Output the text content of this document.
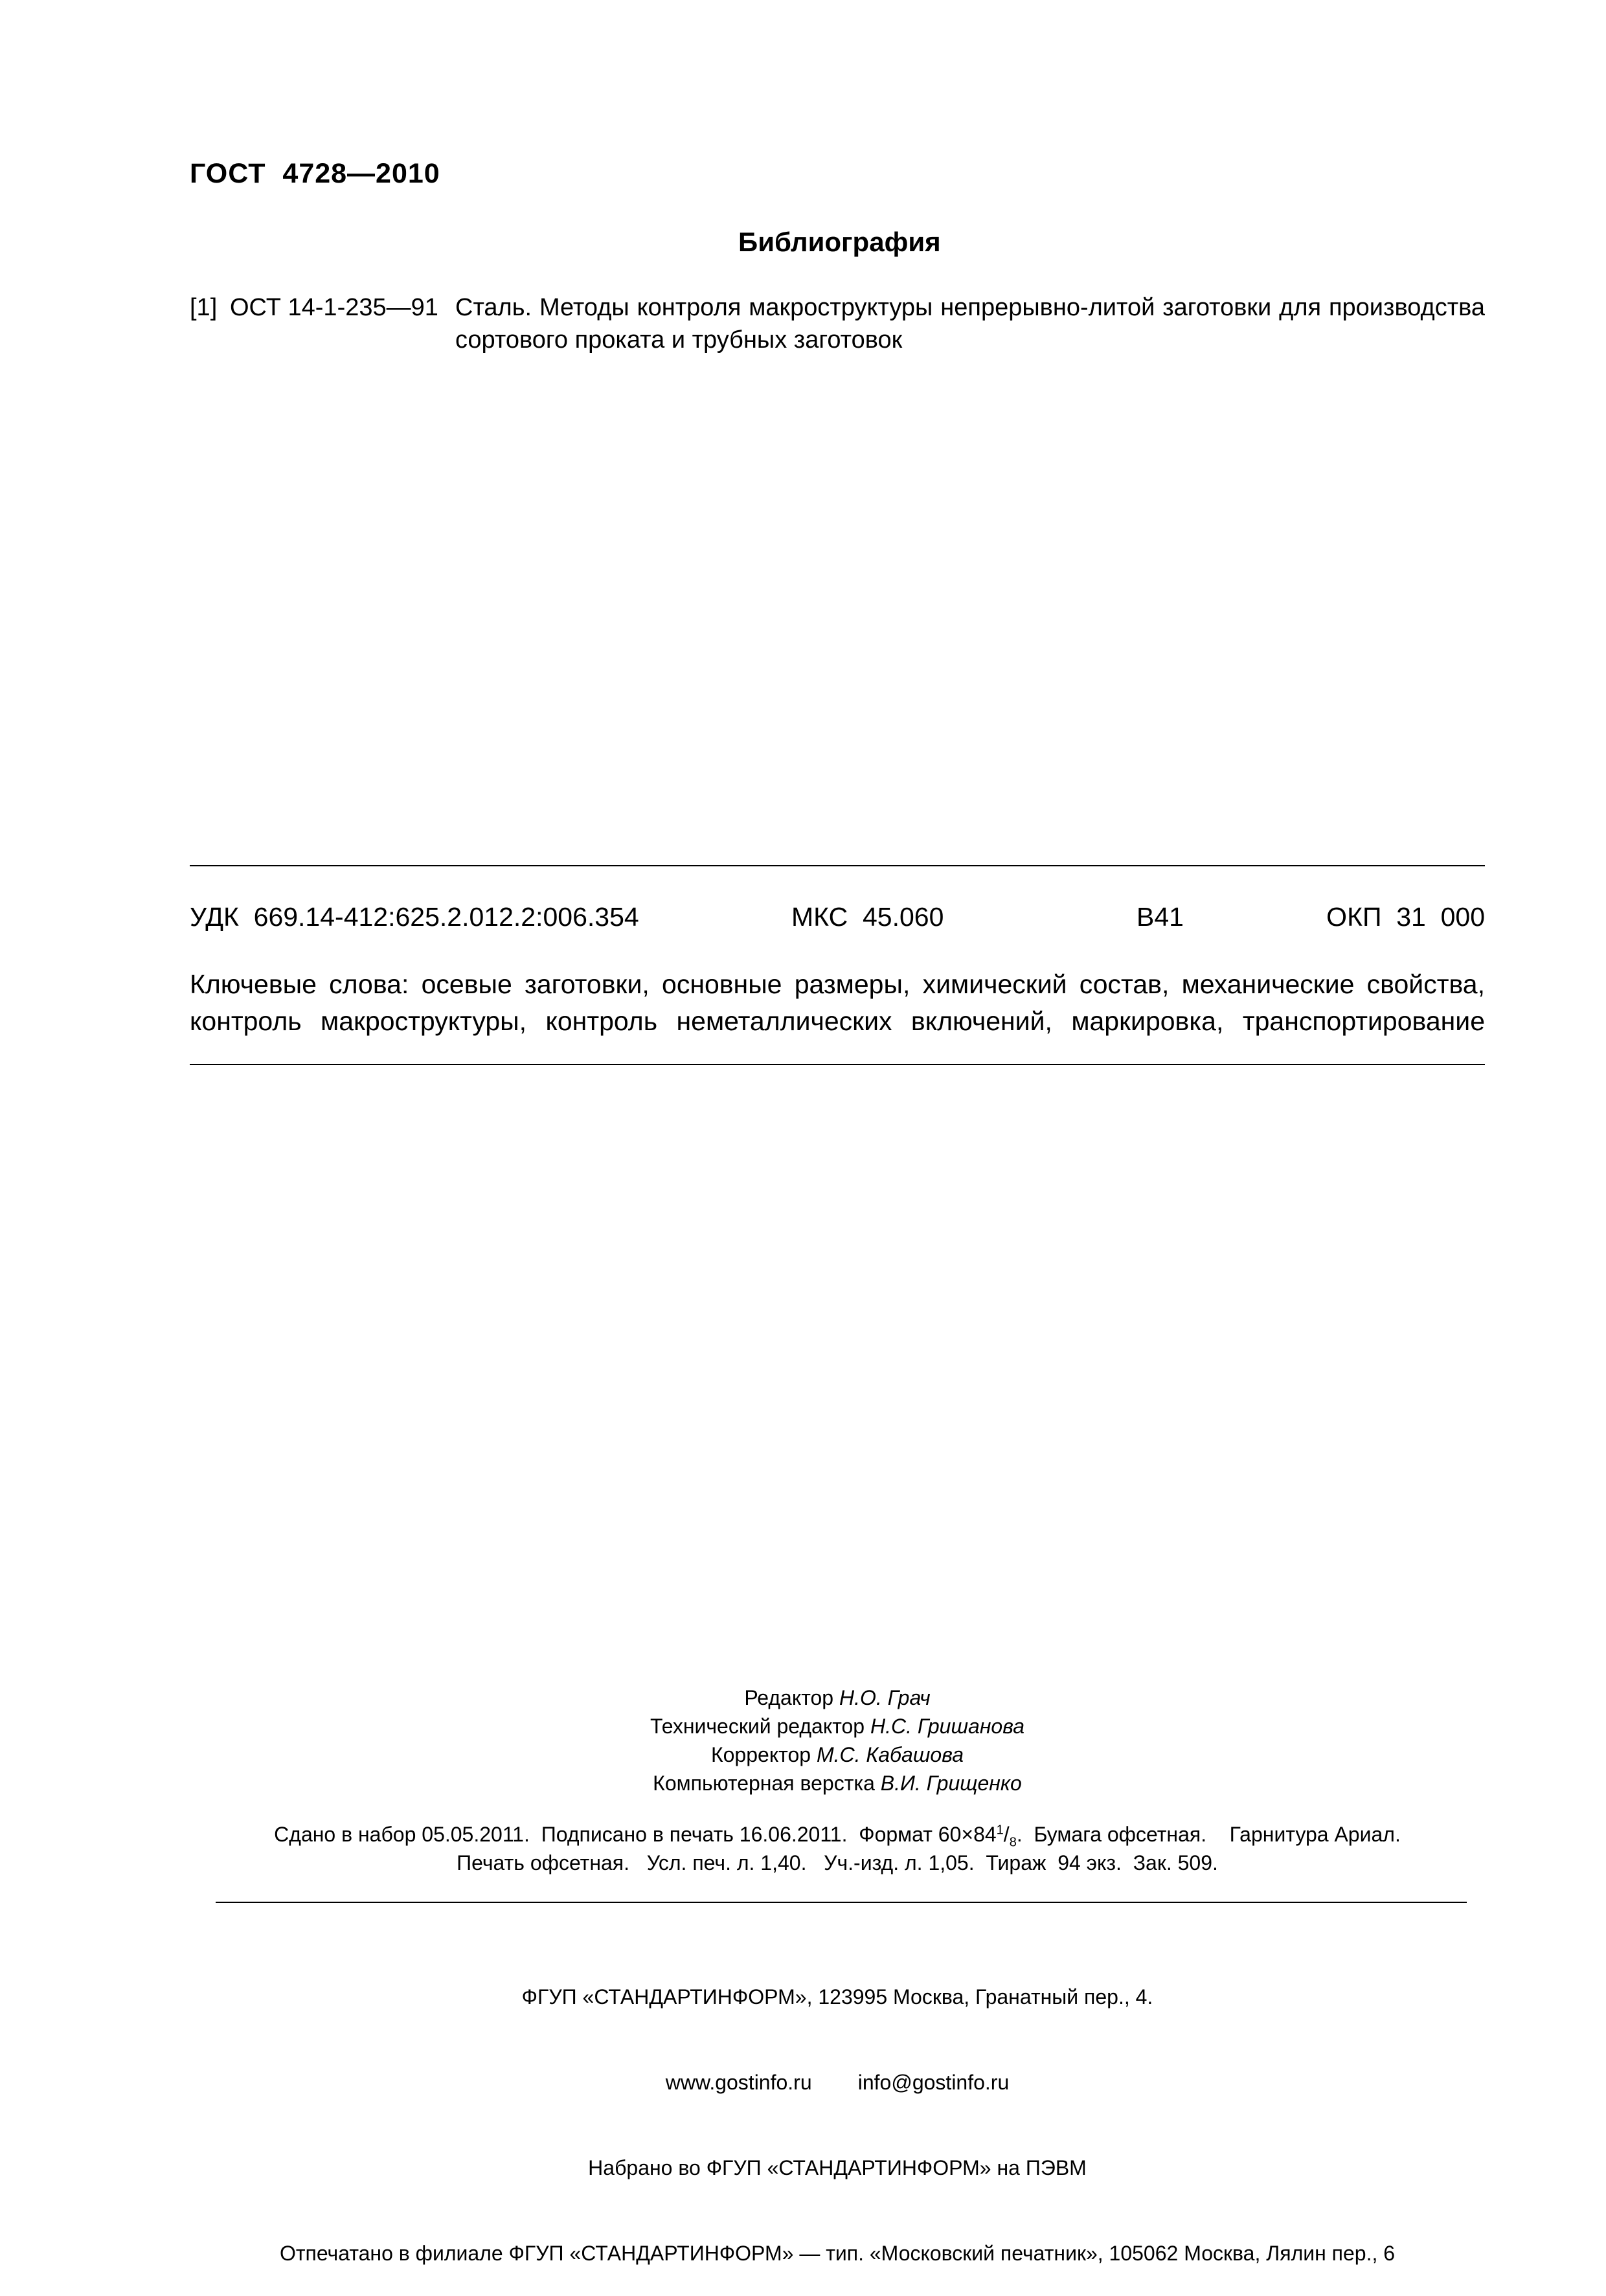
ГОСТ  4728—2010
Библиография
[1] ОСТ 14-1-235—91 Сталь. Методы контроля макроструктуры непрерывно-литой заготовки для производства сортового проката и трубных заготовок
УДК  669.14-412:625.2.012.2:006.354	МКС  45.060	В41	ОКП  31  000
Ключевые слова: осевые заготовки, основные размеры, химический состав, механические свойства, контроль макроструктуры, контроль неметаллических включений, маркировка, транспортирование
Редактор Н.О. Грач
Технический редактор Н.С. Гришанова
Корректор М.С. Кабашова
Компьютерная верстка В.И. Грищенко
Сдано в набор 05.05.2011.  Подписано в печать 16.06.2011.  Формат $60\times 84^1/_8$.  Бумага офсетная.    Гарнитура Ариал.
Печать офсетная.   Усл. печ. л. 1,40.   Уч.-изд. л. 1,05.  Тираж  94 экз.  Зак. 509.

ФГУП «СТАНДАРТИНФОРМ», 123995 Москва, Гранатный пер., 4.

www.gostinfo.ru info@gostinfo.ru

Набрано во ФГУП «СТАНДАРТИНФОРМ» на ПЭВМ

Отпечатано в филиале ФГУП «СТАНДАРТИНФОРМ» — тип. «Московский печатник», 105062 Москва, Лялин пер., 6
